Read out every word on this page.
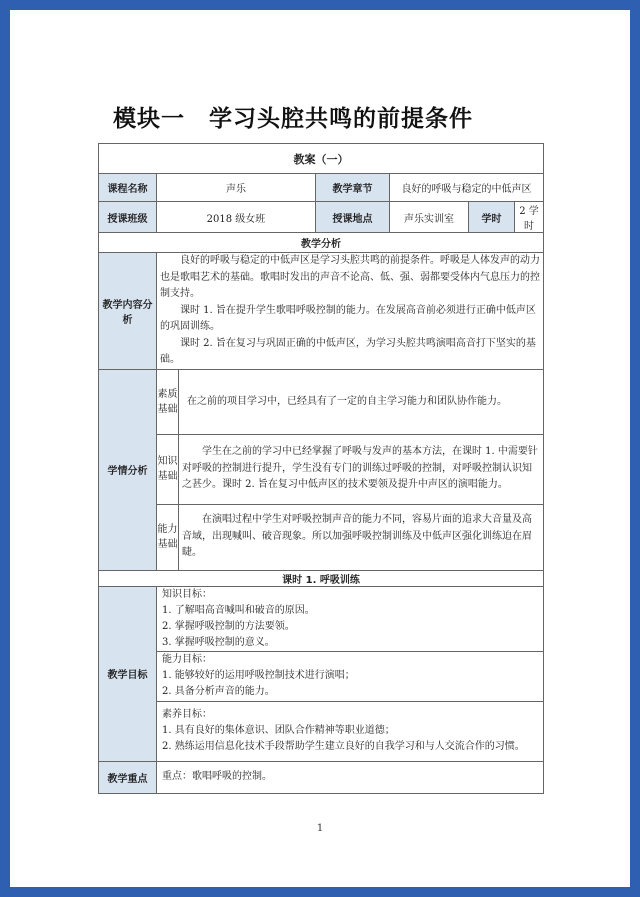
模块一　学习头腔共鸣的前提条件
教案（一）						
课程名称	声乐		教学章节	良好的呼吸与稳定的中低声区		
授课班级	2018 级女班		授课地点	声乐实训室	学时	2 学时
教学分析						
教学内容分析	良好的呼吸与稳定的中低声区是学习头腔共鸣的前提条件。呼吸是人体发声的动力也是歌唱艺术的基础。歌唱时发出的声音不论高、低、强、弱都要受体内气息压力的控制支持。
课时 1. 旨在提升学生歌唱呼吸控制的能力。在发展高音前必须进行正确中低声区的巩固训练。
课时 2. 旨在复习与巩固正确的中低声区，为学习头腔共鸣演唱高音打下坚实的基础。					

学情分析	素质基础	在之前的项目学习中，已经具有了一定的自主学习能力和团队协作能力。				

	知识基础	学生在之前的学习中已经掌握了呼吸与发声的基本方法，在课时 1. 中需要针对呼吸的控制进行提升，学生没有专门的训练过呼吸的控制，对呼吸控制认识知之甚少。课时 2. 旨在复习中低声区的技术要领及提升中声区的演唱能力。				

	能力基础	在演唱过程中学生对呼吸控制声音的能力不同，容易片面的追求大音量及高音域，出现喊叫、破音现象。所以加强呼吸控制训练及中低声区强化训练迫在眉睫。				

课时 1. 呼吸训练						
教学目标	知识目标：
1. 了解唱高音喊叫和破音的原因。
2. 掌握呼吸控制的方法要领。
3. 掌握呼吸控制的意义。					

	能力目标：
1. 能够较好的运用呼吸控制技术进行演唱；
2. 具备分析声音的能力。					

	素养目标：
1. 具有良好的集体意识、团队合作精神等职业道德；
2. 熟练运用信息化技术手段帮助学生建立良好的自我学习和与人交流合作的习惯。					

教学重点	重点：歌唱呼吸的控制。					
1
